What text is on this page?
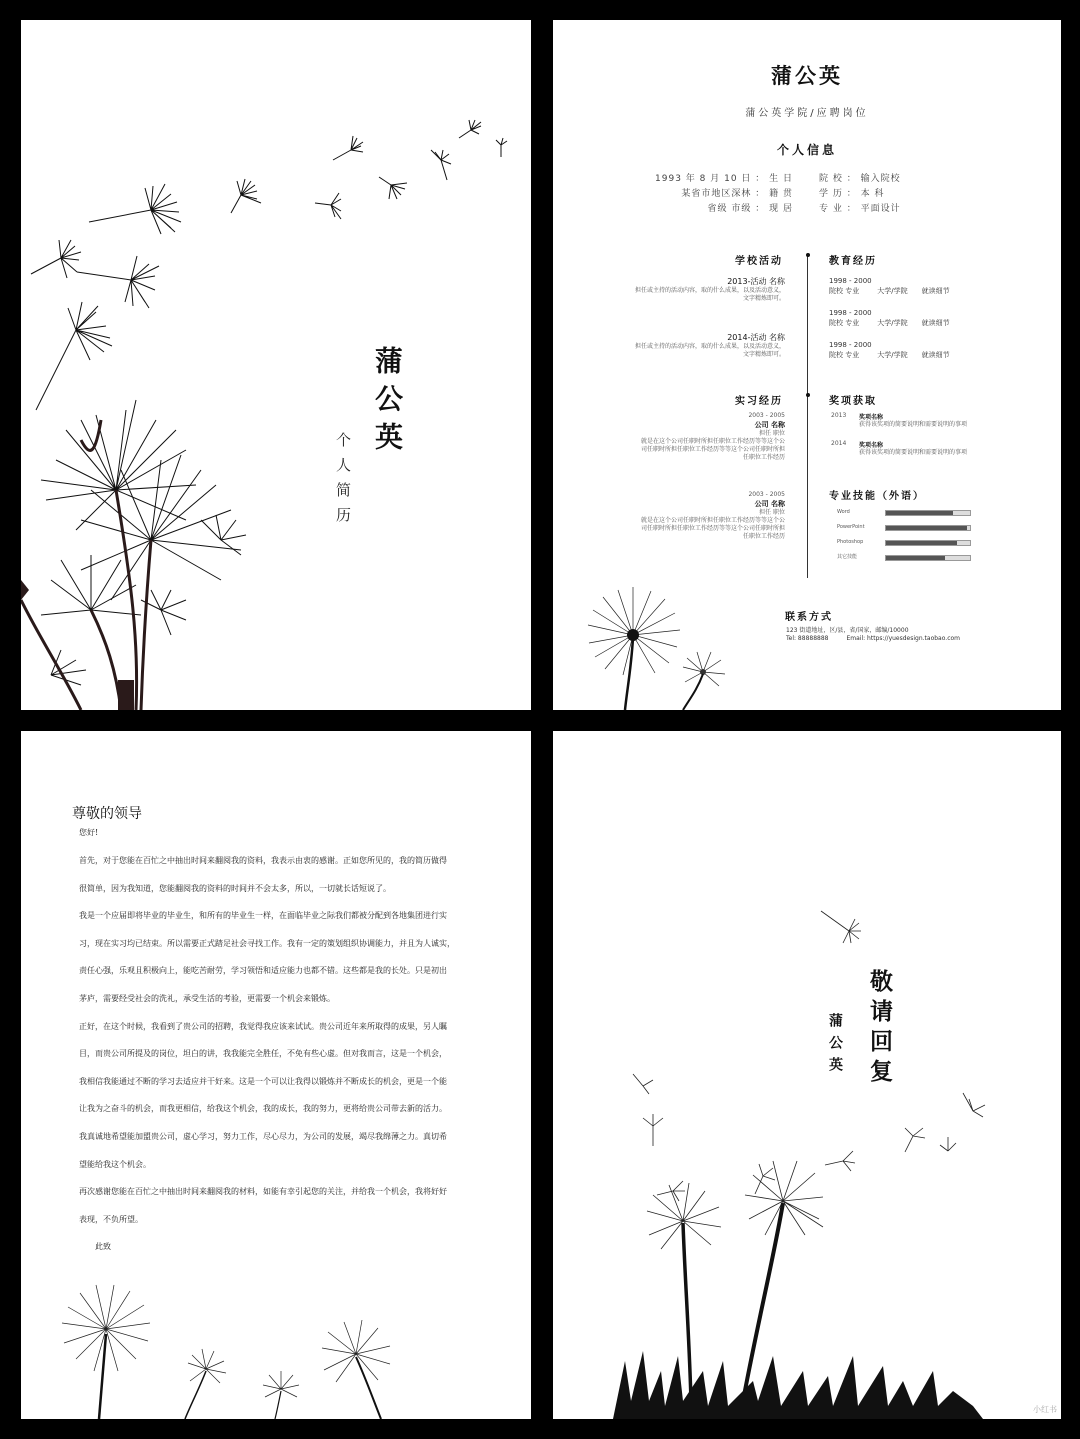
蒲公英
个人简历
蒲公英
蒲公英学院/应聘岗位
个人信息
1993 年 8 月 10 日 ： 生 日	院 校 ： 输入院校
某省市地区深林 ： 籍 贯	学 历 ： 本 科
省级 市级 ： 现 居	专 业 ： 平面设计
学校活动
2013-活动 名称
担任或主持的活动内容，取的什么成果，以及活动意义，
文字精炼即可。
2014-活动 名称
担任或主持的活动内容，取的什么成果，以及活动意义，
文字精炼即可。
教育经历
1998 - 2000
院校 专业	大学/学院 就读细节
1998 - 2000
院校 专业	大学/学院 就读细节
1998 - 2000
院校 专业	大学/学院 就读细节
实习经历
2003 - 2005
公司 名称
担任 职位
就是在这个公司任职时所担任职位工作经历等等这个公
司任职时所担任职位工作经历等等这个公司任职时所担
任职位工作经历
2003 - 2005
公司 名称
担任 职位
就是在这个公司任职时所担任职位工作经历等等这个公
司任职时所担任职位工作经历等等这个公司任职时所担
任职位工作经历
奖项获取
2013 奖项名称
获得该奖项的简要说明和需要说明的事项
2014 奖项名称
获得该奖项的简要说明和需要说明的事项
专业技能（外语）
Word
PowerPoint
Photoshop
其它技能
联系方式
123 街道地址，区/县，省/国家，邮编/10000
Tel: 88888888	Email: https://yuesdesign.taobao.com
尊敬的领导
您好!

首先，对于您能在百忙之中抽出时间来翻阅我的资料，我表示由衷的感谢。正如您所见的，我的简历做得

很简单，因为我知道，您能翻阅我的资料的时间并不会太多，所以，一切就长话短说了。

我是一个应届即将毕业的毕业生，和所有的毕业生一样，在面临毕业之际我们都被分配到各地集团进行实

习，现在实习均已结束。所以需要正式踏足社会寻找工作。我有一定的策划组织协调能力，并且为人诚实，

责任心强，乐观且积极向上，能吃苦耐劳，学习领悟和适应能力也都不错。这些都是我的长处。只是初出

茅庐，需要经受社会的洗礼，承受生活的考验，更需要一个机会来锻炼。

正好，在这个时候，我看到了贵公司的招聘，我觉得我应该来试试。贵公司近年来所取得的成果，另人瞩

目，而贵公司所提及的岗位，坦白的讲，我我能完全胜任，不免有些心虚。但对我而言，这是一个机会，

我相信我能通过不断的学习去适应并干好来。这是一个可以让我得以锻炼并不断成长的机会，更是一个能

让我为之奋斗的机会，而我更相信，给我这个机会，我的成长，我的努力，更将给贵公司带去新的活力。

我真诚地希望能加盟贵公司，虚心学习，努力工作，尽心尽力，为公司的发展，竭尽我绵薄之力。真切希

望能给我这个机会。

再次感谢您能在百忙之中抽出时间来翻阅我的材料，如能有幸引起您的关注，并给我一个机会，我将好好

表现，不负所望。

此致

敬请回复
蒲公英
小红书
